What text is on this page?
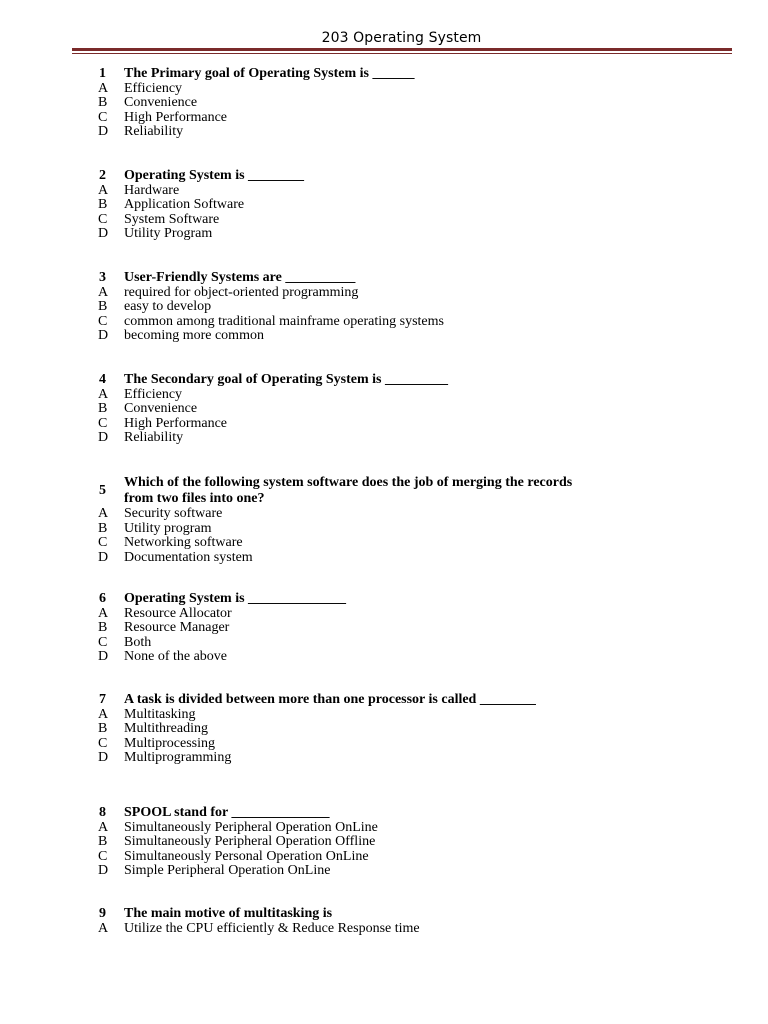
203 Operating System
1 The Primary goal of Operating System is ______
A Efficiency
B Convenience
C High Performance
D Reliability
2 Operating System is ________
A Hardware
B Application Software
C System Software
D Utility Program
3 User-Friendly Systems are __________
A required for object-oriented programming
B easy to develop
C common among traditional mainframe operating systems
D becoming more common
4 The Secondary goal of Operating System is _________
A Efficiency
B Convenience
C High Performance
D Reliability
5
Which of the following system software does the job of merging the records from two files into one?
A Security software
B Utility program
C Networking software
D Documentation system
6 Operating System is ______________
A Resource Allocator
B Resource Manager
C Both
D None of the above
7 A task is divided between more than one processor is called ________
A Multitasking
B Multithreading
C Multiprocessing
D Multiprogramming
8 SPOOL stand for ______________
A Simultaneously Peripheral Operation OnLine
B Simultaneously Peripheral Operation Offline
C Simultaneously Personal Operation OnLine
D Simple Peripheral Operation OnLine
9 The main motive of multitasking is
A Utilize the CPU efficiently & Reduce Response time
